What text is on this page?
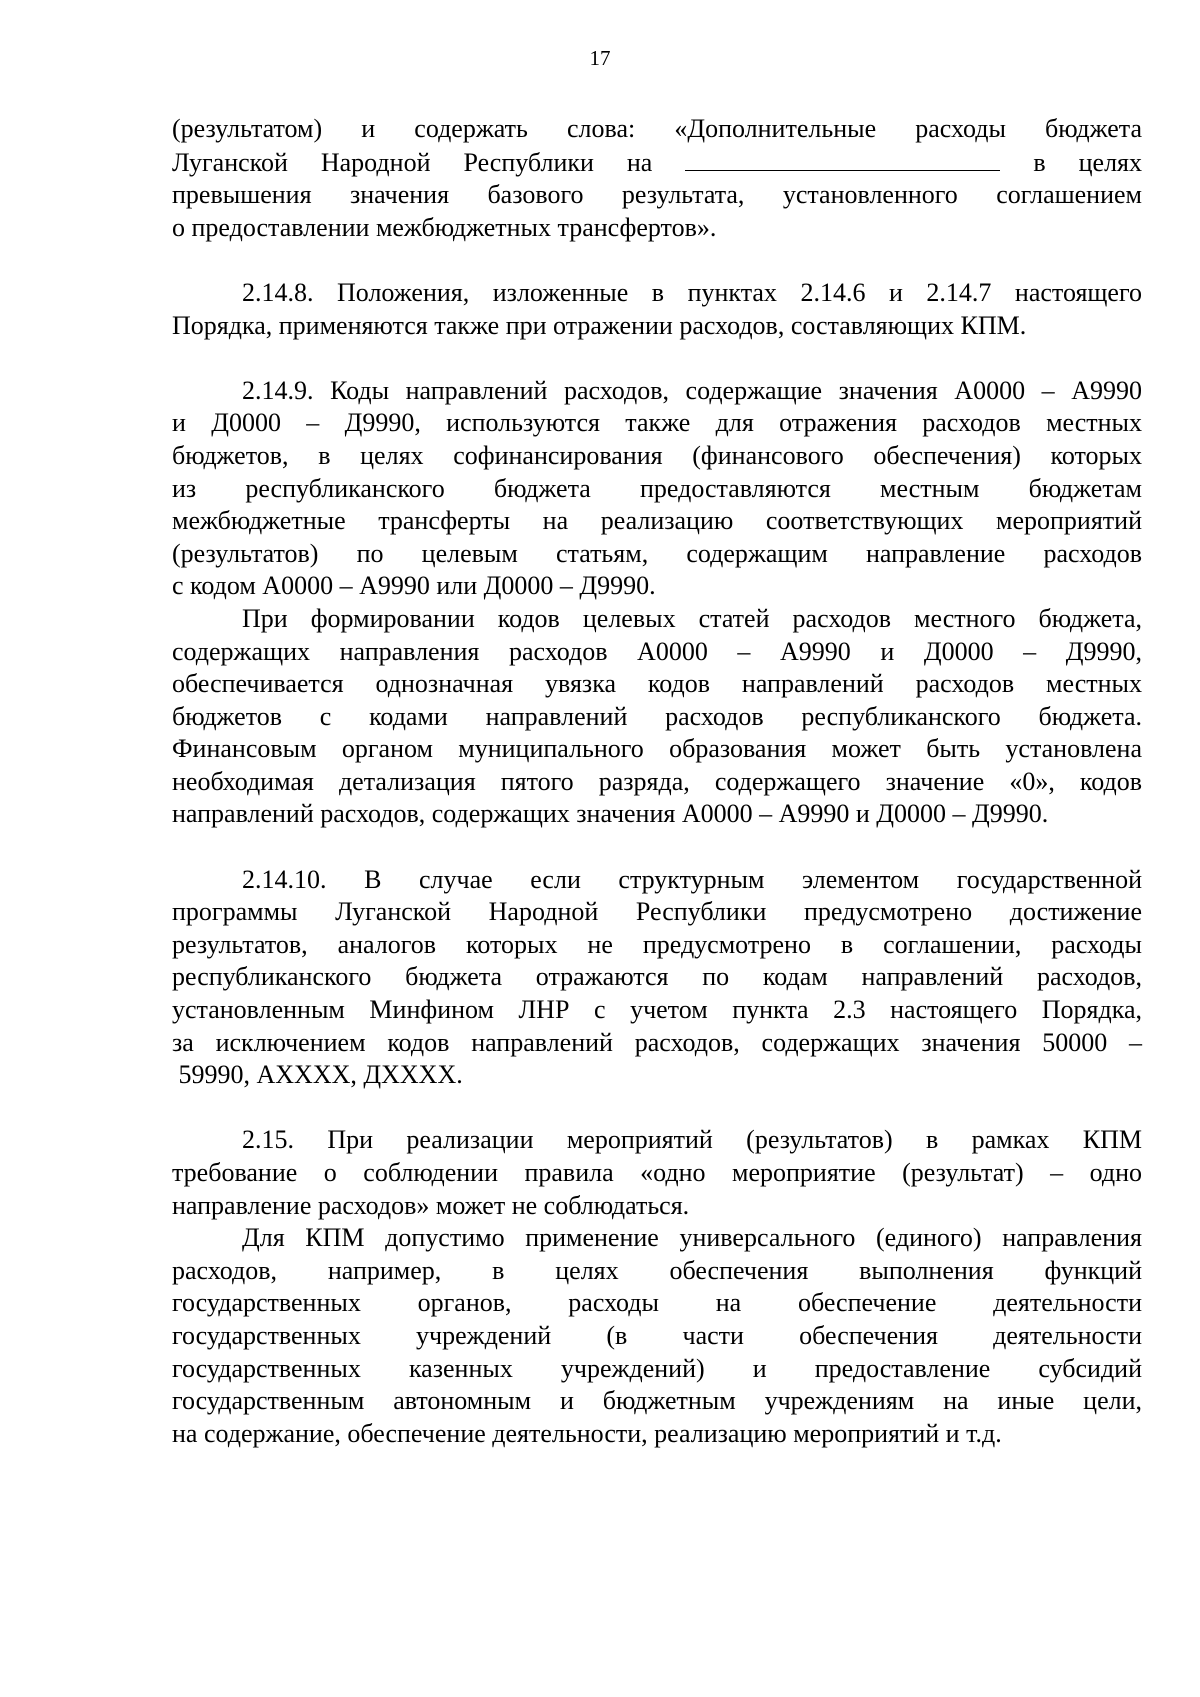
17
(результатом) и содержать слова: «Дополнительные расходы бюджета
Луганской Народной Республики на	в целях
превышения значения базового результата, установленного соглашением
о предоставлении межбюджетных трансфертов».
2.14.8. Положения, изложенные в пунктах 2.14.6 и 2.14.7 настоящего
Порядка, применяются также при отражении расходов, составляющих КПМ.
2.14.9. Коды направлений расходов, содержащие значения А0000 – А9990
и Д0000 – Д9990, используются также для отражения расходов местных
бюджетов, в целях софинансирования (финансового обеспечения) которых
из республиканского бюджета предоставляются местным бюджетам
межбюджетные трансферты на реализацию соответствующих мероприятий
(результатов) по целевым статьям, содержащим направление расходов
с кодом А0000 – А9990 или Д0000 – Д9990.
При формировании кодов целевых статей расходов местного бюджета,
содержащих направления расходов А0000 – А9990 и Д0000 – Д9990,
обеспечивается однозначная увязка кодов направлений расходов местных
бюджетов с кодами направлений расходов республиканского бюджета.
Финансовым органом муниципального образования может быть установлена
необходимая детализация пятого разряда, содержащего значение «0», кодов
направлений расходов, содержащих значения А0000 – А9990 и Д0000 – Д9990.
2.14.10. В случае если структурным элементом государственной
программы Луганской Народной Республики предусмотрено достижение
результатов, аналогов которых не предусмотрено в соглашении, расходы
республиканского бюджета отражаются по кодам направлений расходов,
установленным Минфином ЛНР с учетом пункта 2.3 настоящего Порядка,
за исключением кодов направлений расходов, содержащих значения 50000 –
59990, АХХХХ, ДХХХХ.
2.15. При реализации мероприятий (результатов) в рамках КПМ
требование о соблюдении правила «одно мероприятие (результат) – одно
направление расходов» может не соблюдаться.
Для КПМ допустимо применение универсального (единого) направления
расходов, например, в целях обеспечения выполнения функций
государственных органов, расходы на обеспечение деятельности
государственных учреждений (в части обеспечения деятельности
государственных казенных учреждений) и предоставление субсидий
государственным автономным и бюджетным учреждениям на иные цели,
на содержание, обеспечение деятельности, реализацию мероприятий и т.д.
